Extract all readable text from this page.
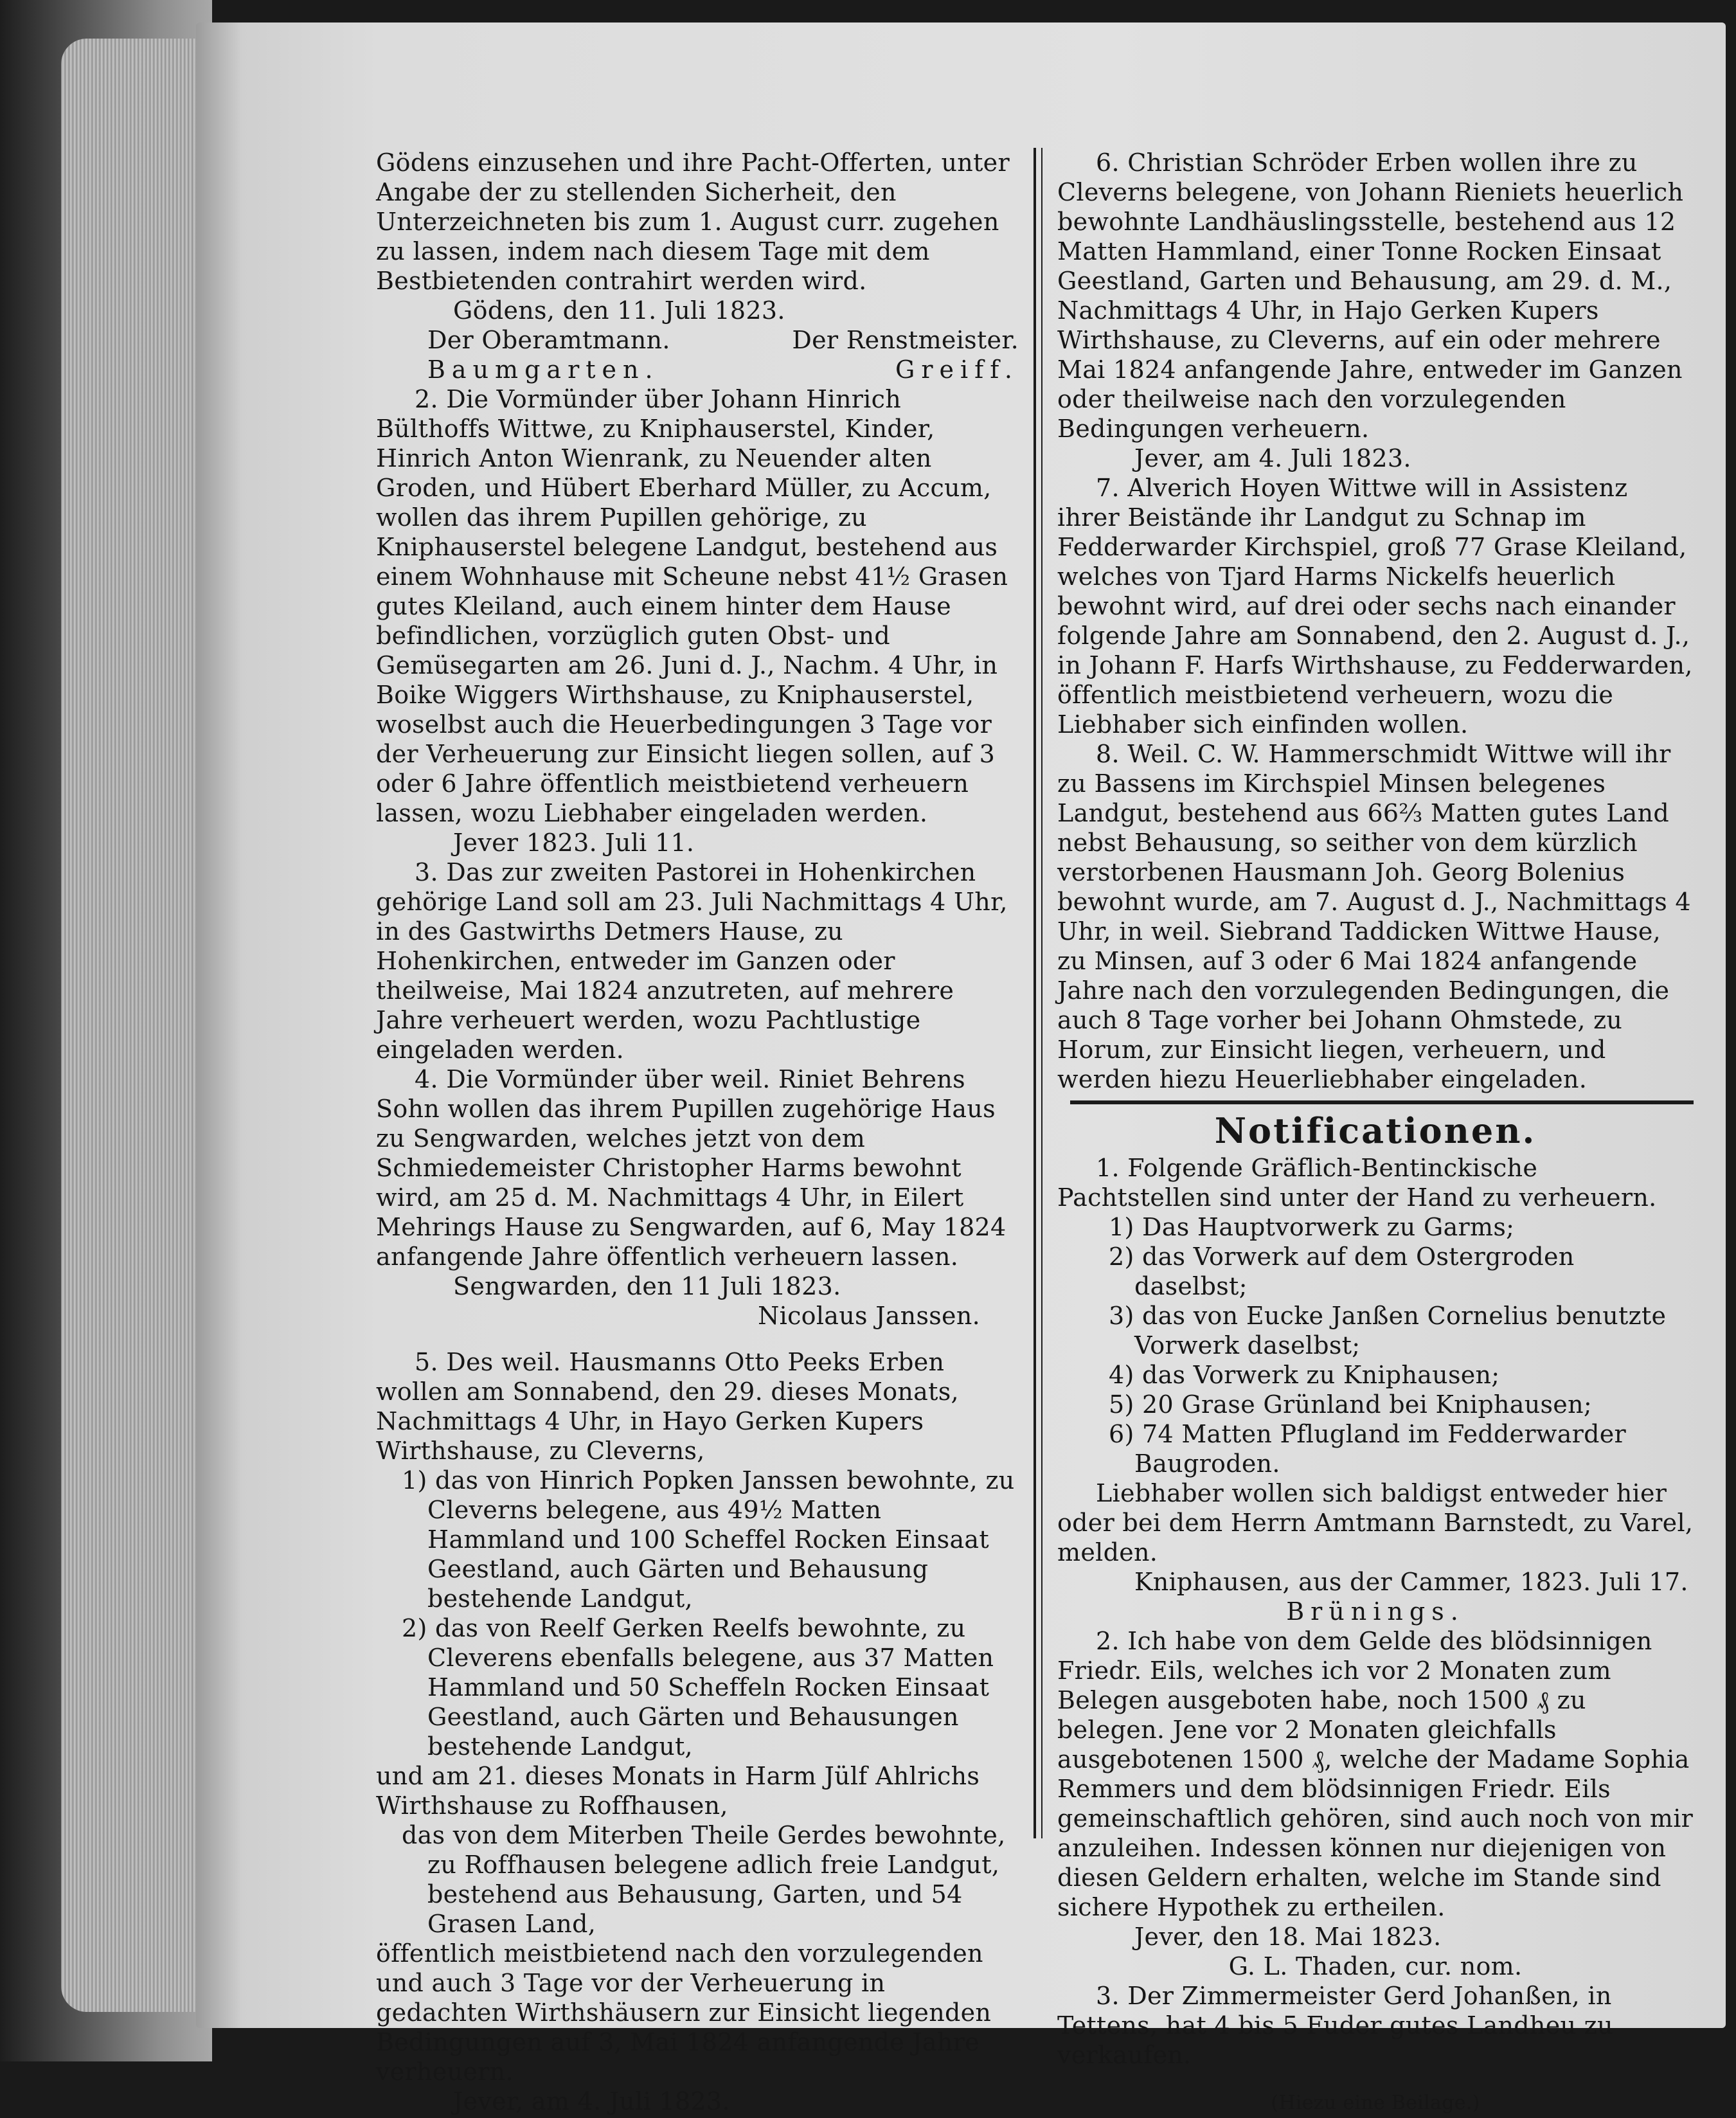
Gödens einzusehen und ihre Pacht-Offerten, unter Angabe der zu stellenden Sicherheit, den Unterzeichneten bis zum 1. August curr. zugehen zu lassen, indem nach diesem Tage mit dem Bestbietenden contrahirt werden wird.

Gödens, den 11. Juli 1823.

Der Oberamtmann.	Der Renstmeister.
Baumgarten.	Greiff.

2. Die Vormünder über Johann Hinrich Bülthoffs Wittwe, zu Kniphauserstel, Kinder, Hinrich Anton Wienrank, zu Neuender alten Groden, und Hübert Eberhard Müller, zu Accum, wollen das ihrem Pupillen gehörige, zu Kniphauserstel belegene Landgut, bestehend aus einem Wohnhause mit Scheune nebst 41½ Grasen gutes Kleiland, auch einem hinter dem Hause befindlichen, vorzüglich guten Obst- und Gemüsegarten am 26. Juni d. J., Nachm. 4 Uhr, in Boike Wiggers Wirthshause, zu Kniphauserstel, woselbst auch die Heuerbedingungen 3 Tage vor der Verheuerung zur Einsicht liegen sollen, auf 3 oder 6 Jahre öffentlich meistbietend verheuern lassen, wozu Liebhaber eingeladen werden.

Jever 1823. Juli 11.

3. Das zur zweiten Pastorei in Hohenkirchen gehörige Land soll am 23. Juli Nachmittags 4 Uhr, in des Gastwirths Detmers Hause, zu Hohenkirchen, entweder im Ganzen oder theilweise, Mai 1824 anzutreten, auf mehrere Jahre verheuert werden, wozu Pachtlustige eingeladen werden.

4. Die Vormünder über weil. Riniet Behrens Sohn wollen das ihrem Pupillen zugehörige Haus zu Sengwarden, welches jetzt von dem Schmiedemeister Christopher Harms bewohnt wird, am 25 d. M. Nachmittags 4 Uhr, in Eilert Mehrings Hause zu Sengwarden, auf 6, May 1824 anfangende Jahre öffentlich verheuern lassen.

Sengwarden, den 11 Juli 1823.

Nicolaus Janssen.

5. Des weil. Hausmanns Otto Peeks Erben wollen am Sonnabend, den 29. dieses Monats, Nachmittags 4 Uhr, in Hayo Gerken Kupers Wirthshause, zu Cleverns,

1) das von Hinrich Popken Janssen bewohnte, zu Cleverns belegene, aus 49½ Matten Hammland und 100 Scheffel Rocken Einsaat Geestland, auch Gärten und Behausung bestehende Landgut,

2) das von Reelf Gerken Reelfs bewohnte, zu Cleverens ebenfalls belegene, aus 37 Matten Hammland und 50 Scheffeln Rocken Einsaat Geestland, auch Gärten und Behausungen bestehende Landgut,

und am 21. dieses Monats in Harm Jülf Ahlrichs Wirthshause zu Roffhausen,

das von dem Miterben Theile Gerdes bewohnte, zu Roffhausen belegene adlich freie Landgut, bestehend aus Behausung, Garten, und 54 Grasen Land,

öffentlich meistbietend nach den vorzulegenden und auch 3 Tage vor der Verheuerung in gedachten Wirthshäusern zur Einsicht liegenden Bedingungen auf 3, Mai 1824 anfangende Jahre verheuern.

Jever, am 4. Juli 1823.

6. Christian Schröder Erben wollen ihre zu Cleverns belegene, von Johann Rieniets heuerlich bewohnte Landhäuslingsstelle, bestehend aus 12 Matten Hammland, einer Tonne Rocken Einsaat Geestland, Garten und Behausung, am 29. d. M., Nachmittags 4 Uhr, in Hajo Gerken Kupers Wirthshause, zu Cleverns, auf ein oder mehrere Mai 1824 anfangende Jahre, entweder im Ganzen oder theilweise nach den vorzulegenden Bedingungen verheuern.

Jever, am 4. Juli 1823.

7. Alverich Hoyen Wittwe will in Assistenz ihrer Beistände ihr Landgut zu Schnap im Fedderwarder Kirchspiel, groß 77 Grase Kleiland, welches von Tjard Harms Nickelfs heuerlich bewohnt wird, auf drei oder sechs nach einander folgende Jahre am Sonnabend, den 2. August d. J., in Johann F. Harfs Wirthshause, zu Fedderwarden, öffentlich meistbietend verheuern, wozu die Liebhaber sich einfinden wollen.

8. Weil. C. W. Hammerschmidt Wittwe will ihr zu Bassens im Kirchspiel Minsen belegenes Landgut, bestehend aus 66⅔ Matten gutes Land nebst Behausung, so seither von dem kürzlich verstorbenen Hausmann Joh. Georg Bolenius bewohnt wurde, am 7. August d. J., Nachmittags 4 Uhr, in weil. Siebrand Taddicken Wittwe Hause, zu Minsen, auf 3 oder 6 Mai 1824 anfangende Jahre nach den vorzulegenden Bedingungen, die auch 8 Tage vorher bei Johann Ohmstede, zu Horum, zur Einsicht liegen, verheuern, und werden hiezu Heuerliebhaber eingeladen.

Notificationen.

1. Folgende Gräflich-Bentinckische Pachtstellen sind unter der Hand zu verheuern.

1) Das Hauptvorwerk zu Garms;

2) das Vorwerk auf dem Ostergroden daselbst;

3) das von Eucke Janßen Cornelius benutzte Vorwerk daselbst;

4) das Vorwerk zu Kniphausen;

5) 20 Grase Grünland bei Kniphausen;

6) 74 Matten Pflugland im Fedderwarder Baugroden.

Liebhaber wollen sich baldigst entweder hier oder bei dem Herrn Amtmann Barnstedt, zu Varel, melden.

Kniphausen, aus der Cammer, 1823. Juli 17.

Brünings.

2. Ich habe von dem Gelde des blödsinnigen Friedr. Eils, welches ich vor 2 Monaten zum Belegen ausgeboten habe, noch 1500 ₰ zu belegen. Jene vor 2 Monaten gleichfalls ausgebotenen 1500 ₰, welche der Madame Sophia Remmers und dem blödsinnigen Friedr. Eils gemeinschaftlich gehören, sind auch noch von mir anzuleihen. Indessen können nur diejenigen von diesen Geldern erhalten, welche im Stande sind sichere Hypothek zu ertheilen.

Jever, den 18. Mai 1823.

G. L. Thaden, cur. nom.

3. Der Zimmermeister Gerd Johanßen, in Tettens, hat 4 bis 5 Fuder gutes Landheu zu verkaufen.

(Hiezu eine Beilage.)
